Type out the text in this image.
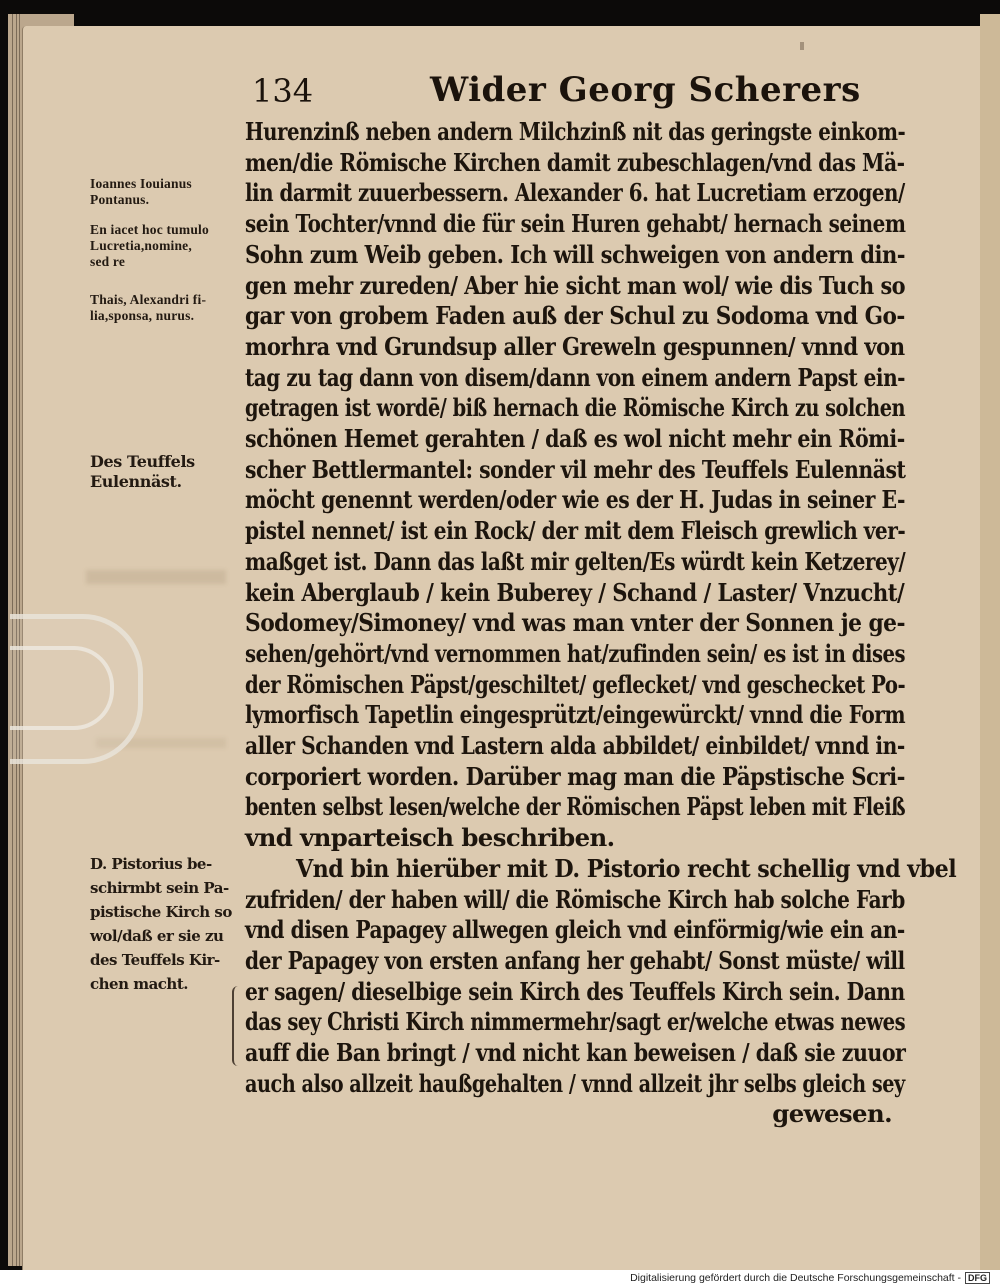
134	Wider Georg Scherers
Hurenzinß neben andern Milchzinß nit das geringste einkom-
men/die Römische Kirchen damit zubeschlagen/vnd das Mä-
lin darmit zuuerbessern. Alexander 6. hat Lucretiam erzogen/
sein Tochter/vnnd die für sein Huren gehabt/ hernach seinem
Sohn zum Weib geben. Ich will schweigen von andern din-
gen mehr zureden/ Aber hie sicht man wol/ wie dis Tuch so
gar von grobem Faden auß der Schul zu Sodoma vnd Go-
morhra vnd Grundsup aller Greweln gespunnen/ vnnd von
tag zu tag dann von disem/dann von einem andern Papst ein-
getragen ist wordē/ biß hernach die Römische Kirch zu solchen
schönen Hemet gerahten / daß es wol nicht mehr ein Römi-
scher Bettlermantel: sonder vil mehr des Teuffels Eulennäst
möcht genennt werden/oder wie es der H. Judas in seiner E-
pistel nennet/ ist ein Rock/ der mit dem Fleisch grewlich ver-
maßget ist. Dann das laßt mir gelten/Es würdt kein Ketzerey/
kein Aberglaub / kein Buberey / Schand / Laster/ Vnzucht/
Sodomey/Simoney/ vnd was man vnter der Sonnen je ge-
sehen/gehört/vnd vernommen hat/zufinden sein/ es ist in dises
der Römischen Päpst/geschiltet/ geflecket/ vnd geschecket Po-
lymorfisch Tapetlin eingesprützt/eingewürckt/ vnnd die Form
aller Schanden vnd Lastern alda abbildet/ einbildet/ vnnd in-
corporiert worden. Darüber mag man die Päpstische Scri-
benten selbst lesen/welche der Römischen Päpst leben mit Fleiß
vnd vnparteisch beschriben.
Vnd bin hierüber mit D. Pistorio recht schellig vnd vbel
zufriden/ der haben will/ die Römische Kirch hab solche Farb
vnd disen Papagey allwegen gleich vnd einförmig/wie ein an-
der Papagey von ersten anfang her gehabt/ Sonst müste/ will
er sagen/ dieselbige sein Kirch des Teuffels Kirch sein. Dann
das sey Christi Kirch nimmermehr/sagt er/welche etwas newes
auff die Ban bringt / vnd nicht kan beweisen / daß sie zuuor
auch also allzeit haußgehalten / vnnd allzeit jhr selbs gleich sey
gewesen.
Ioannes Iouianus
Pontanus.
En iacet hoc tumulo
Lucretia,nomine,
sed re
Thais, Alexandri fi-
lia,sponsa, nurus.
Des Teuffels
Eulennäst.
D. Pistorius be-
schirmbt sein Pa-
pistische Kirch so
wol/daß er sie zu
des Teuffels Kir-
chen macht.
Digitalisierung gefördert durch die Deutsche Forschungsgemeinschaft - DFG
